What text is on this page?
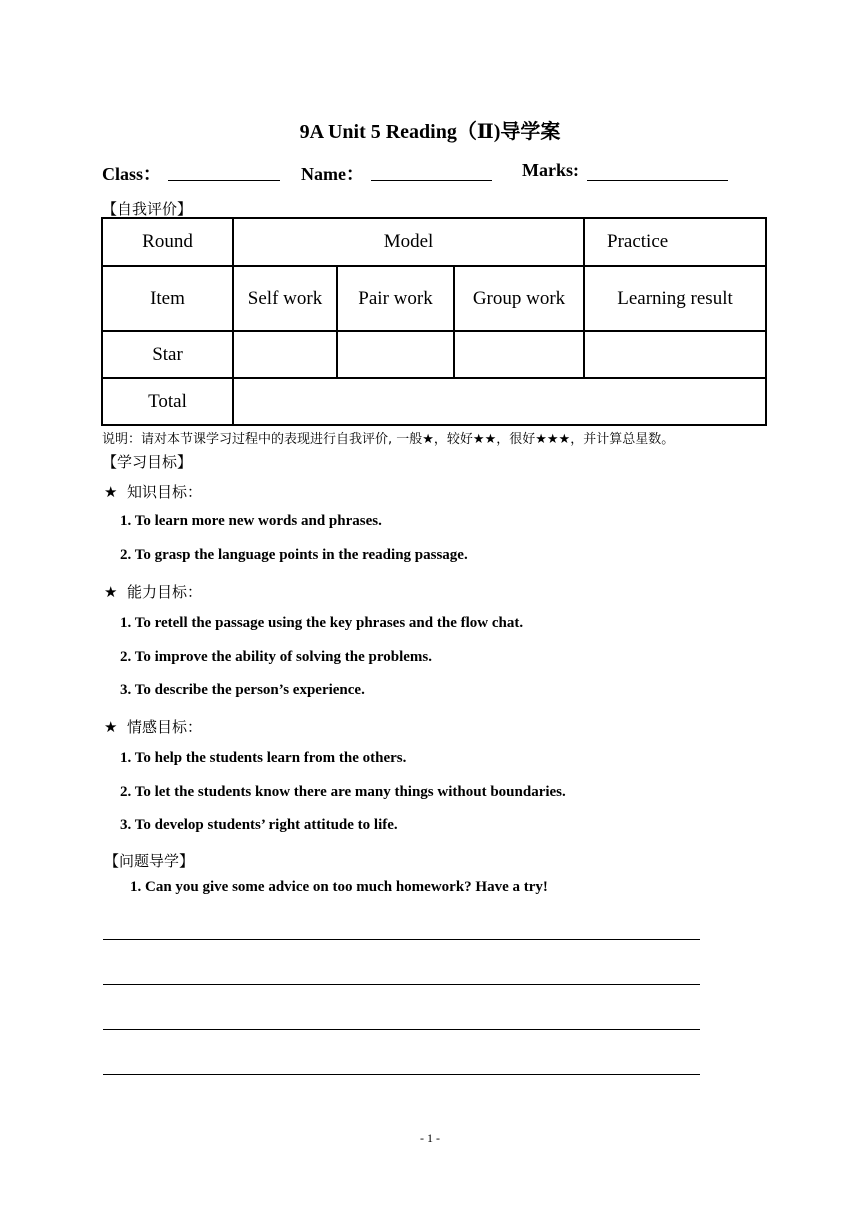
9A Unit 5 Reading（Ⅱ)导学案
Class：	Name：	Marks:
【自我评价】
Round	Model			Practice
Item	Self work	Pair work	Group work	Learning result
Star				
Total				
说明：请对本节课学习过程中的表现进行自我评价, 一般★，较好★★，很好★★★，并计算总星数。
【学习目标】
★ 知识目标：
1. To learn more new words and phrases.
2. To grasp the language points in the reading passage.
★ 能力目标：
1. To retell the passage using the key phrases and the flow chat.
2. To improve the ability of solving the problems.
3. To describe the person’s experience.
★ 情感目标：
1. To help the students learn from the others.
2. To let the students know there are many things without boundaries.
3. To develop students’ right attitude to life.
【问题导学】
1. Can you give some advice on too much homework? Have a try!
- 1 -
